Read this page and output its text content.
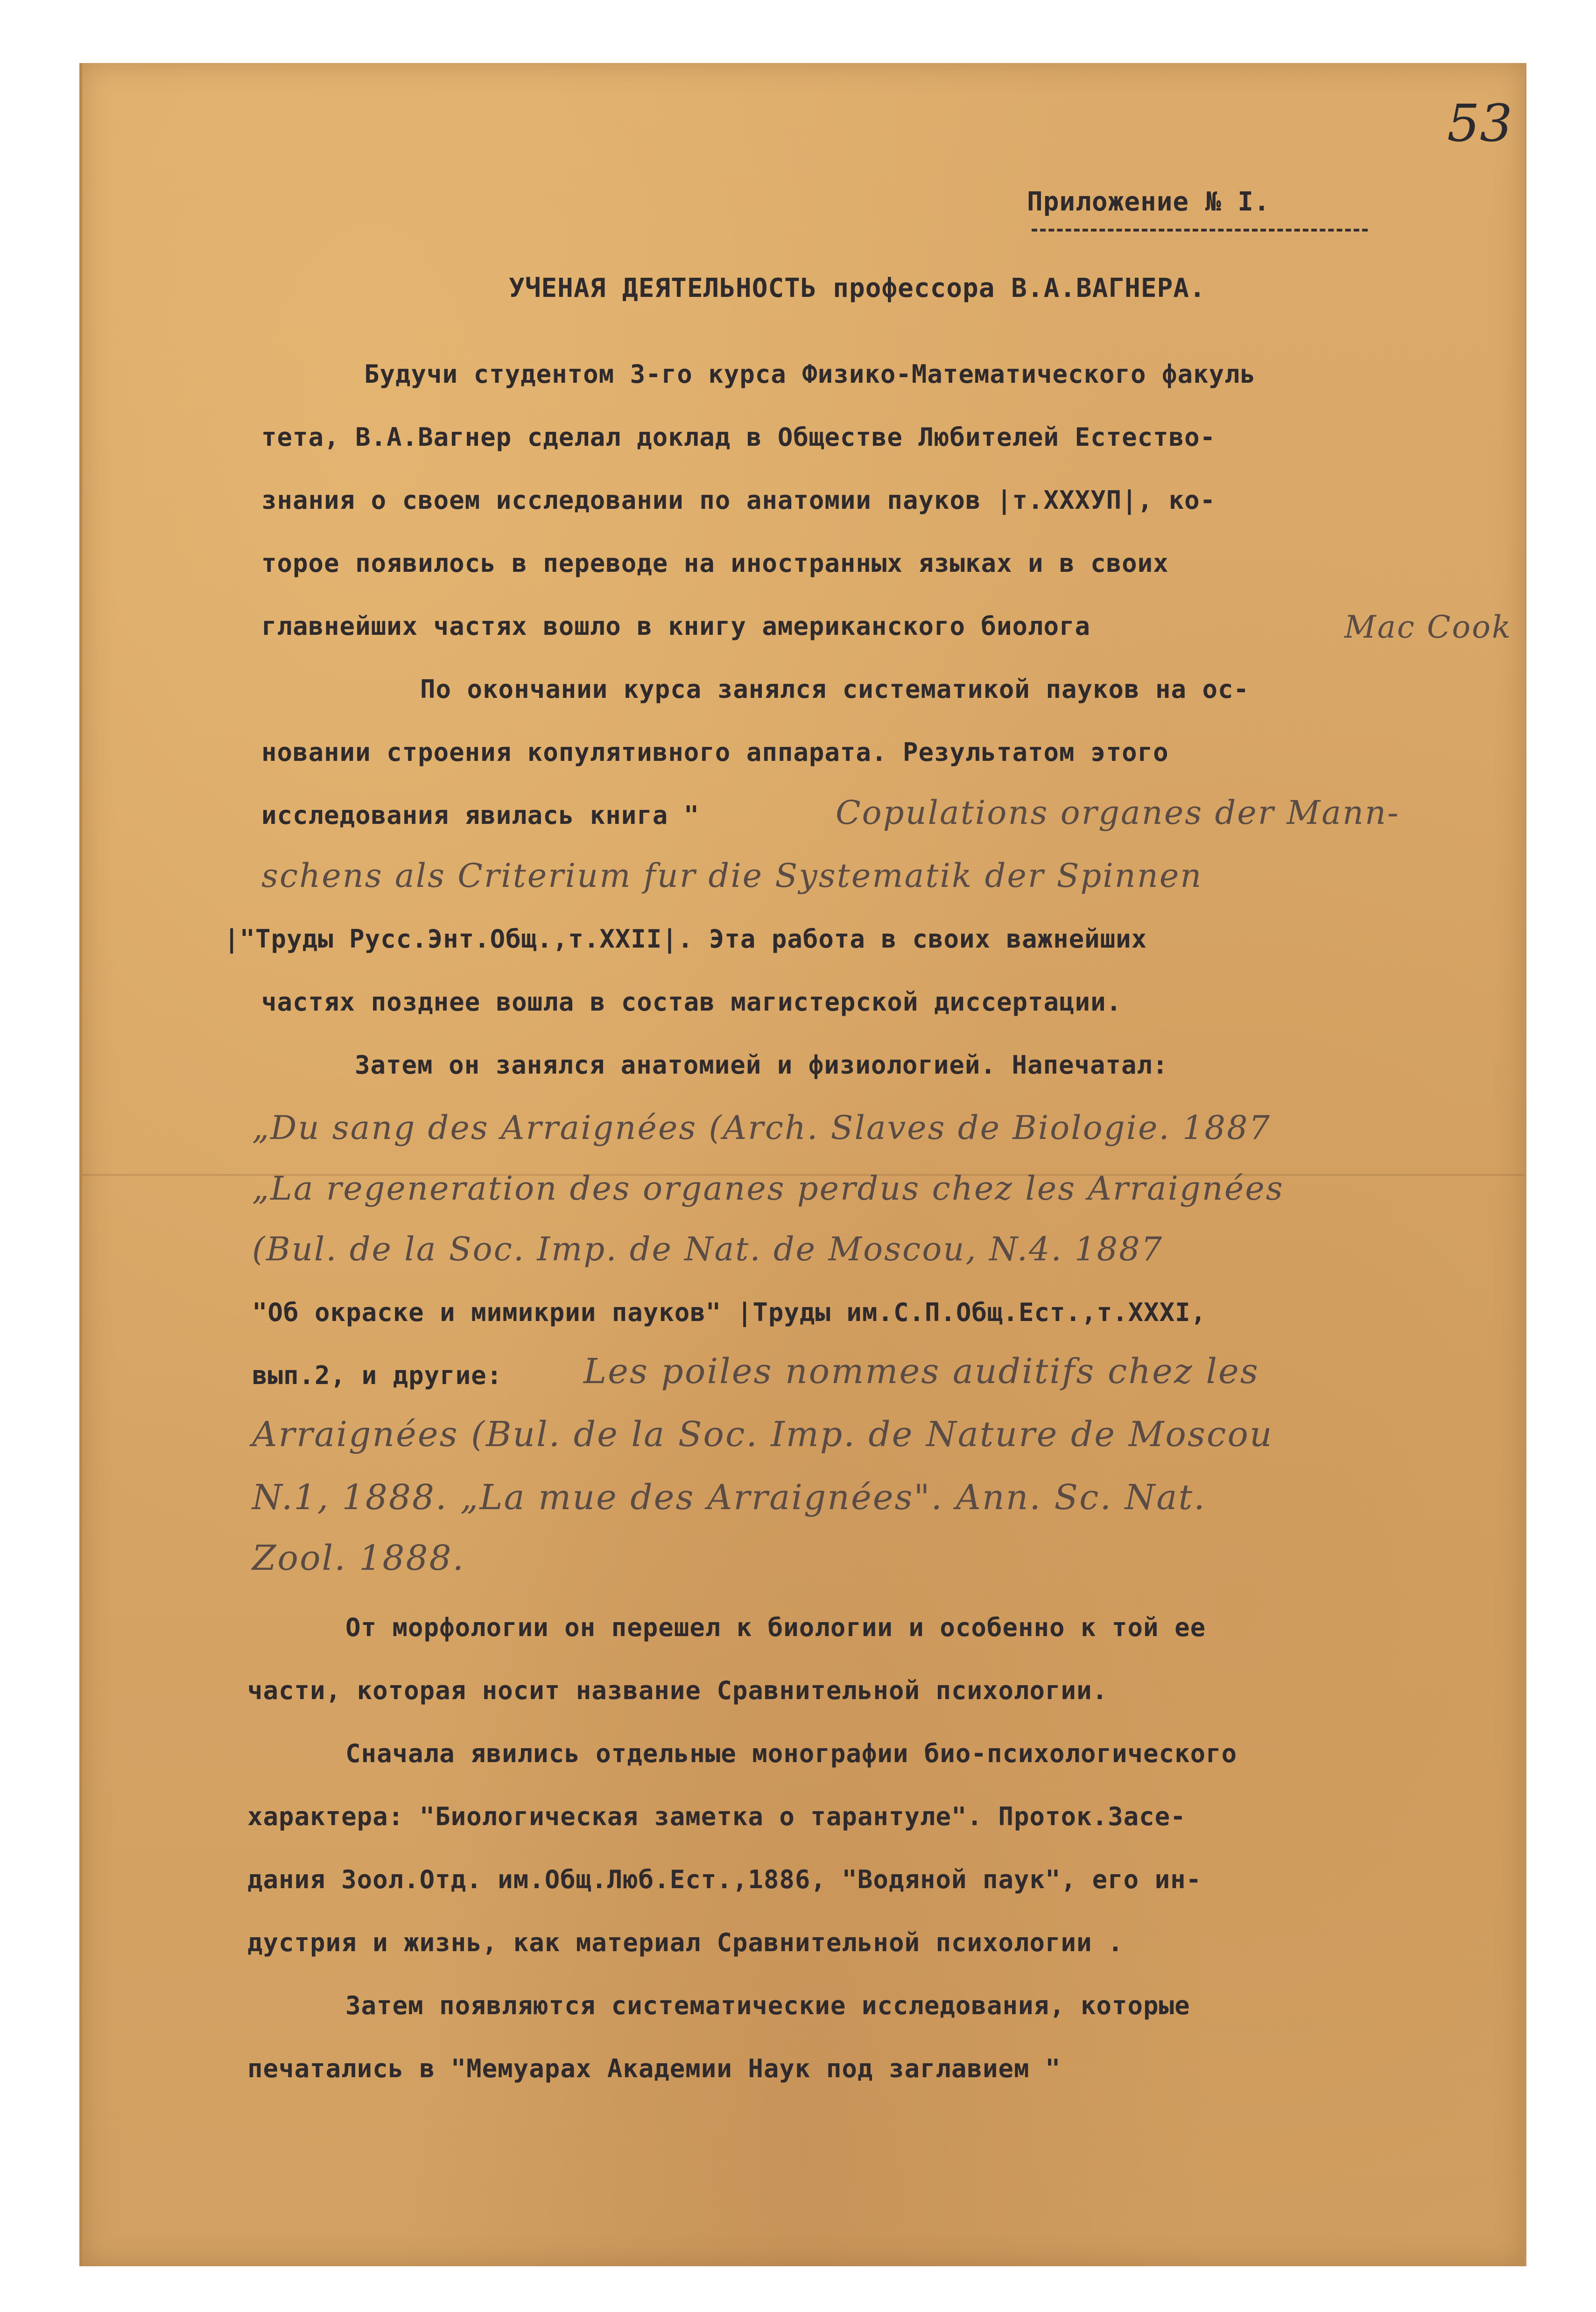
53
Приложение № I.
УЧЕНАЯ ДЕЯТЕЛЬНОСТЬ профессора В.А.ВАГНЕРА.
Будучи студентом 3-го курса Физико-Математического факуль
тета, В.А.Вагнер сделал доклад в Обществе Любителей Естество-
знания о своем исследовании по анатомии пауков |т.XXXУП|, ко-
торое появилось в переводе на иностранных языках и в своих
главнейших частях вошло в книгу американского биолога	Mac Cook
По окончании курса занялся систематикой пауков на ос-
новании строения копулятивного аппарата. Результатом этого
исследования явилась книга "	Copulations organes der Mann-
schens als Criterium fur die Systematik der Spinnen
|"Труды Русс.Энт.Общ.,т.XXII|. Эта работа в своих важнейших
частях позднее вошла в состав магистерской диссертации.
Затем он занялся анатомией и физиологией. Напечатал:
„Du sang des Arraignées (Arch. Slaves de Biologie. 1887
„La regeneration des organes perdus chez les Arraignées
(Bul. de la Soc. Imp. de Nat. de Moscou, N.4. 1887
"Об окраске и мимикрии пауков" |Труды им.С.П.Общ.Ест.,т.XXXI,
вып.2, и другие: Les poiles nommes auditifs chez les
Arraignées (Bul. de la Soc. Imp. de Nature de Moscou
N.1, 1888. „La mue des Arraignées". Ann. Sc. Nat.
Zool. 1888.
От морфологии он перешел к биологии и особенно к той ее
части, которая носит название Сравнительной психологии.
Сначала явились отдельные монографии био-психологического
характера: "Биологическая заметка о тарантуле". Проток.Засе-
дания Зоол.Отд. им.Общ.Люб.Ест.,1886, "Водяной паук", его ин-
дустрия и жизнь, как материал Сравнительной психологии .
Затем появляются систематические исследования, которые
печатались в "Мемуарах Академии Наук под заглавием "
